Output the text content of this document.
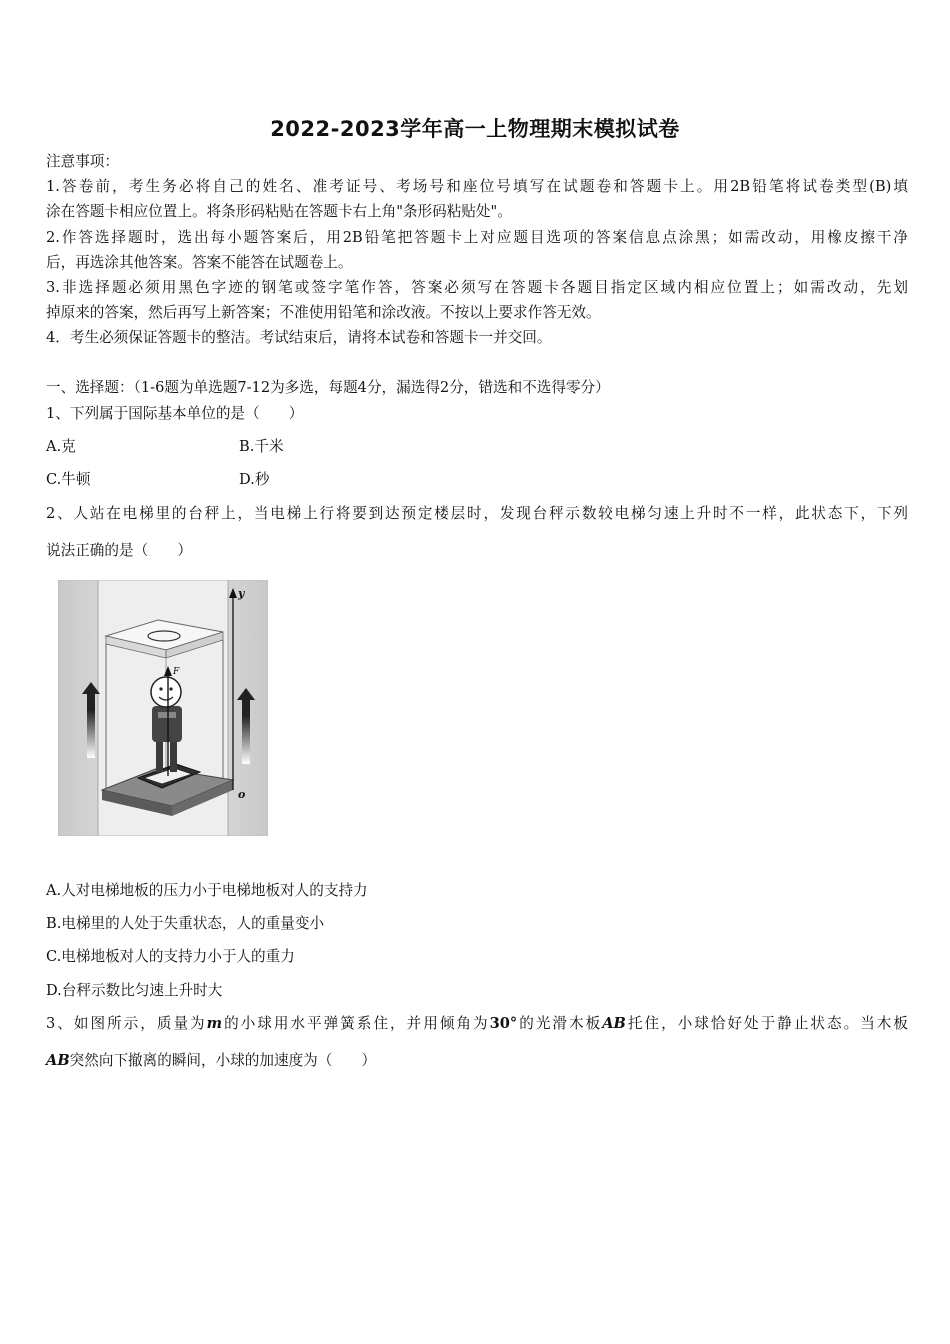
2022-2023学年高一上物理期末模拟试卷
注意事项：
1.答卷前，考生务必将自己的姓名、准考证号、考场号和座位号填写在试题卷和答题卡上。用2B铅笔将试卷类型(B)填
涂在答题卡相应位置上。将条形码粘贴在答题卡右上角"条形码粘贴处"。
2.作答选择题时，选出每小题答案后，用2B铅笔把答题卡上对应题目选项的答案信息点涂黑；如需改动，用橡皮擦干净
后，再选涂其他答案。答案不能答在试题卷上。
3.非选择题必须用黑色字迹的钢笔或签字笔作答，答案必须写在答题卡各题目指定区域内相应位置上；如需改动，先划
掉原来的答案，然后再写上新答案；不准使用铅笔和涂改液。不按以上要求作答无效。
4．考生必须保证答题卡的整洁。考试结束后，请将本试卷和答题卡一并交回。
一、选择题：（1-6题为单选题7-12为多选，每题4分，漏选得2分，错选和不选得零分）
1、下列属于国际基本单位的是（　　）
A.克	B.千米
C.牛顿	D.秒
2、人站在电梯里的台秤上，当电梯上行将要到达预定楼层时，发现台秤示数较电梯匀速上升时不一样，此状态下，下列
说法正确的是（　　）
y
o
F
A.人对电梯地板的压力小于电梯地板对人的支持力
B.电梯里的人处于失重状态，人的重量变小
C.电梯地板对人的支持力小于人的重力
D.台秤示数比匀速上升时大
3、如图所示，质量为m的小球用水平弹簧系住，并用倾角为30°的光滑木板AB托住，小球恰好处于静止状态。当木板
AB突然向下撤离的瞬间，小球的加速度为（　　）
